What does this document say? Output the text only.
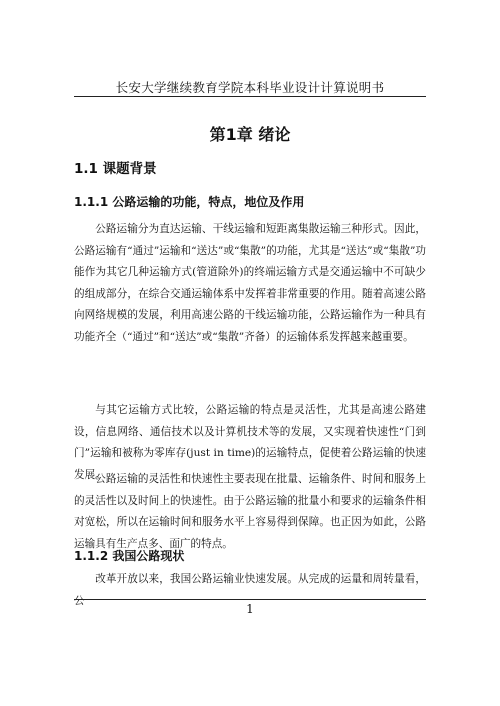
长安大学继续教育学院本科毕业设计计算说明书
第1章 绪论
1.1 课题背景
1.1.1 公路运输的功能，特点，地位及作用

公路运输分为直达运输、干线运输和短距离集散运输三种形式。因此，公路运输有“通过”运输和“送达”或“集散”的功能，尤其是“送达”或“集散”功能作为其它几种运输方式(管道除外)的终端运输方式是交通运输中不可缺少的组成部分，在综合交通运输体系中发挥着非常重要的作用。随着高速公路向网络规模的发展，利用高速公路的干线运输功能，公路运输作为一种具有功能齐全（“通过”和“送达”或“集散”齐备）的运输体系发挥越来越重要。

与其它运输方式比较，公路运输的特点是灵活性，尤其是高速公路建设，信息网络、通信技术以及计算机技术等的发展，又实现着快速性“门到门”运输和被称为零库存(just in time)的运输特点，促使着公路运输的快速发展。

公路运输的灵活性和快速性主要表现在批量、运输条件、时间和服务上的灵活性以及时间上的快速性。由于公路运输的批量小和要求的运输条件相对宽松，所以在运输时间和服务水平上容易得到保障。也正因为如此，公路运输具有生产点多、面广的特点。

1.1.2 我国公路现状

改革开放以来，我国公路运输业快速发展。从完成的运量和周转量看，公

1
